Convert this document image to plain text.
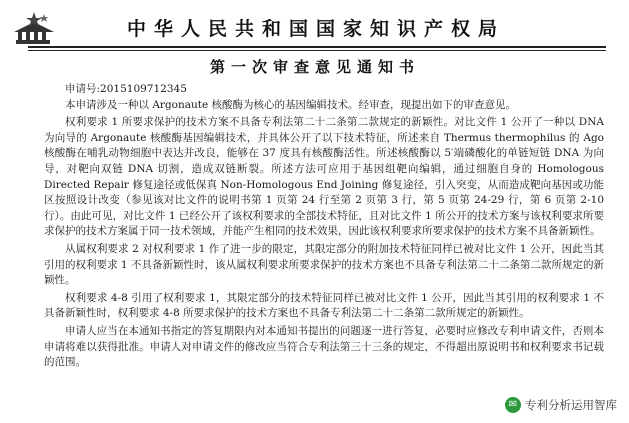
中华人民共和国国家知识产权局
第一次审查意见通知书

申请号:2015109712345

本申请涉及一种以 Argonaute 核酸酶为核心的基因编辑技术。经审查，现提出如下的审查意见。

权利要求 1 所要求保护的技术方案不具备专利法第二十二条第二款规定的新颖性。对比文件 1 公开了一种以 DNA 为向导的 Argonaute 核酸酶基因编辑技术，并具体公开了以下技术特征，所述来自 Thermus thermophilus 的 Ago 核酸酶在哺乳动物细胞中表达并改良，能够在 37 度具有核酸酶活性。所述核酸酶以 5′端磷酸化的单链短链 DNA 为向导，对靶向双链 DNA 切割，造成双链断裂。所述方法可应用于基因组靶向编辑，通过细胞自身的 Homologous Directed Repair 修复途径或低保真 Non-Homologous End Joining 修复途径，引入突变，从而造成靶向基因或功能区按照设计改变（参见该对比文件的说明书第 1 页第 24 行至第 2 页第 3 行，第 5 页第 24-29 行，第 6 页第 2-10 行）。由此可见，对比文件 1 已经公开了该权利要求的全部技术特征，且对比文件 1 所公开的技术方案与该权利要求所要求保护的技术方案属于同一技术领域，并能产生相同的技术效果，因此该权利要求所要求保护的技术方案不具备新颖性。

从属权利要求 2 对权利要求 1 作了进一步的限定，其限定部分的附加技术特征同样已被对比文件 1 公开，因此当其引用的权利要求 1 不具备新颖性时，该从属权利要求所要求保护的技术方案也不具备专利法第二十二条第二款所规定的新颖性。

权利要求 4-8 引用了权利要求 1，其限定部分的技术特征同样已被对比文件 1 公开，因此当其引用的权利要求 1 不具备新颖性时，权利要求 4-8 所要求保护的技术方案也不具备专利法第二十二条第二款所规定的新颖性。

申请人应当在本通知书指定的答复期限内对本通知书提出的问题逐一进行答复，必要时应修改专利申请文件，否则本申请将难以获得批准。申请人对申请文件的修改应当符合专利法第三十三条的规定，不得超出原说明书和权利要求书记载的范围。

✉ 专利分析运用智库
